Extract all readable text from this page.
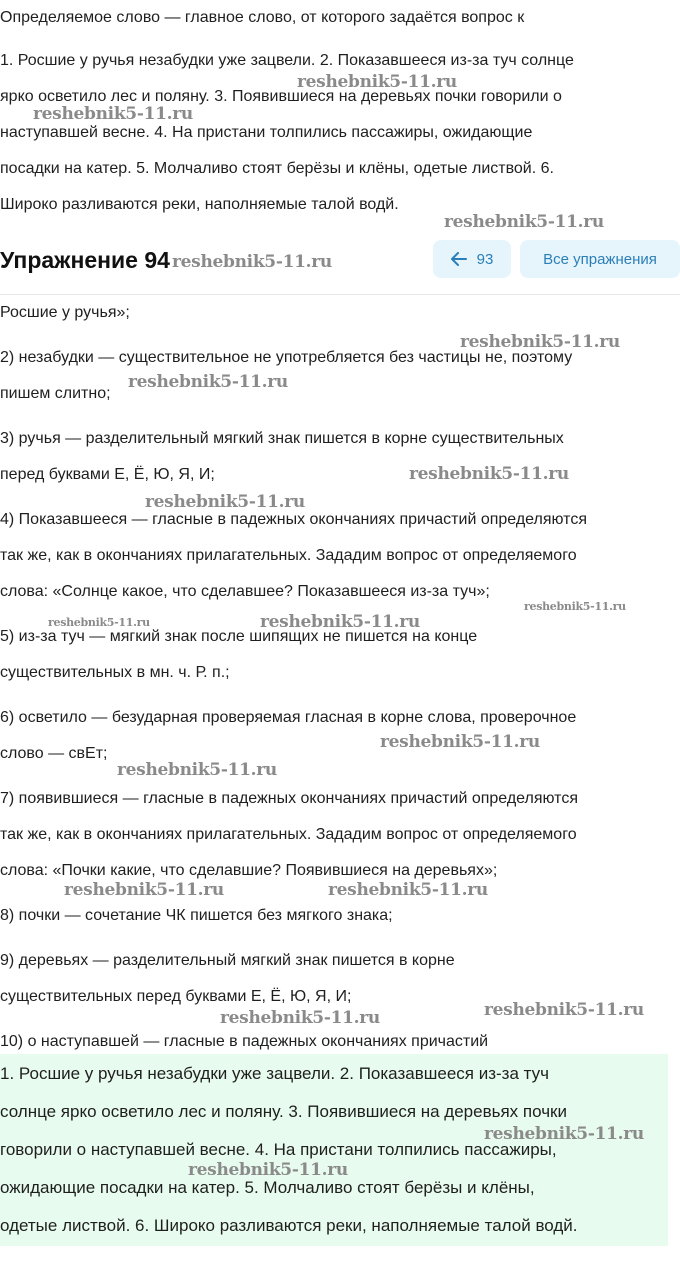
Определяемое слово — главное слово, от которого задаётся вопрос к

1. Росшие у ручья незабудки уже зацвели. 2. Показавшееся из-за туч солнце

ярко осветило лес и поляну. 3. Появившиеся на деревьях почки говорили о

наступавшей весне. 4. На пристани толпились пассажиры, ожидающие

посадки на катер. 5. Молчаливо стоят берёзы и клёны, одетые листвой. 6.

Широко разливаются реки, наполняемые талой водй.

Упражнение 94	93	Все упражнения

Росшие у ручья»;

2) незабудки — существительное не употребляется без частицы не, поэтому

пишем слитно;

3) ручья — разделительный мягкий знак пишется в корне существительных

перед буквами Е, Ё, Ю, Я, И;

4) Показавшееся — гласные в падежных окончаниях причастий определяются

так же, как в окончаниях прилагательных. Зададим вопрос от определяемого

слова: «Солнце какое, что сделавшее? Показавшееся из-за туч»;

5) из-за туч — мягкий знак после шипящих не пишется на конце

существительных в мн. ч. Р. п.;

6) осветило — безударная проверяемая гласная в корне слова, проверочное

слово — свЕт;

7) появившиеся — гласные в падежных окончаниях причастий определяются

так же, как в окончаниях прилагательных. Зададим вопрос от определяемого

слова: «Почки какие, что сделавшие? Появившиеся на деревьях»;

8) почки — сочетание ЧК пишется без мягкого знака;

9) деревьях — разделительный мягкий знак пишется в корне

существительных перед буквами Е, Ё, Ю, Я, И;

10) о наступавшей — гласные в падежных окончаниях причастий

1. Росшие у ручья незабудки уже зацвели. 2. Показавшееся из-за туч

солнце ярко осветило лес и поляну. 3. Появившиеся на деревьях почки

говорили о наступавшей весне. 4. На пристани толпились пассажиры,

ожидающие посадки на катер. 5. Молчаливо стоят берёзы и клёны,

одетые листвой. 6. Широко разливаются реки, наполняемые талой водй.

reshebnik5-11.ru
reshebnik5-11.ru
reshebnik5-11.ru
reshebnik5-11.ru
reshebnik5-11.ru
reshebnik5-11.ru
reshebnik5-11.ru
reshebnik5-11.ru
reshebnik5-11.ru
reshebnik5-11.ru	reshebnik5-11.ru
reshebnik5-11.ru
reshebnik5-11.ru
reshebnik5-11.ru	reshebnik5-11.ru
reshebnik5-11.ru
reshebnik5-11.ru
reshebnik5-11.ru
reshebnik5-11.ru
